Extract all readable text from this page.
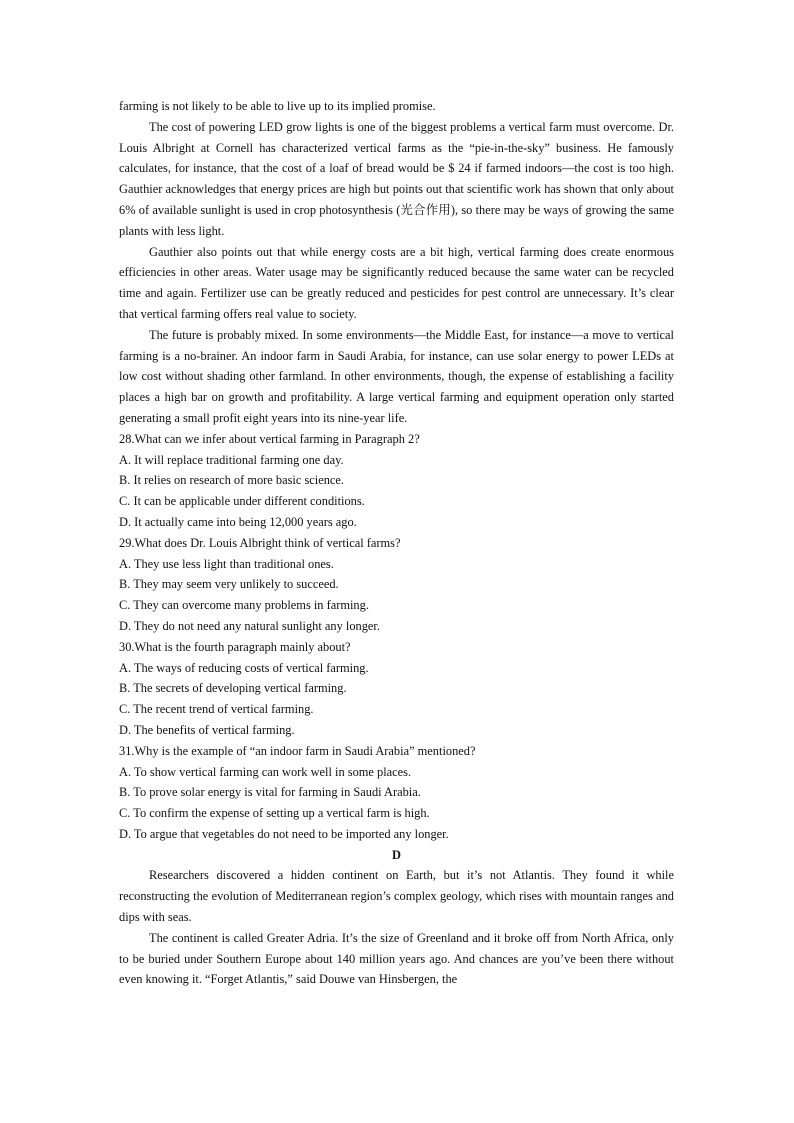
farming is not likely to be able to live up to its implied promise.

The cost of powering LED grow lights is one of the biggest problems a vertical farm must overcome. Dr. Louis Albright at Cornell has characterized vertical farms as the “pie-in-the-sky” business. He famously calculates, for instance, that the cost of a loaf of bread would be $ 24 if farmed indoors—the cost is too high. Gauthier acknowledges that energy prices are high but points out that scientific work has shown that only about 6% of available sunlight is used in crop photosynthesis (光合作用), so there may be ways of growing the same plants with less light.

Gauthier also points out that while energy costs are a bit high, vertical farming does create enormous efficiencies in other areas. Water usage may be significantly reduced because the same water can be recycled time and again. Fertilizer use can be greatly reduced and pesticides for pest control are unnecessary. It’s clear that vertical farming offers real value to society.

The future is probably mixed. In some environments—the Middle East, for instance—a move to vertical farming is a no-brainer. An indoor farm in Saudi Arabia, for instance, can use solar energy to power LEDs at low cost without shading other farmland. In other environments, though, the expense of establishing a facility places a high bar on growth and profitability. A large vertical farming and equipment operation only started generating a small profit eight years into its nine-year life.

28.What can we infer about vertical farming in Paragraph 2?

A. It will replace traditional farming one day.

B. It relies on research of more basic science.

C. It can be applicable under different conditions.

D. It actually came into being 12,000 years ago.

29.What does Dr. Louis Albright think of vertical farms?

A. They use less light than traditional ones.

B. They may seem very unlikely to succeed.

C. They can overcome many problems in farming.

D. They do not need any natural sunlight any longer.

30.What is the fourth paragraph mainly about?

A. The ways of reducing costs of vertical farming.

B. The secrets of developing vertical farming.

C. The recent trend of vertical farming.

D. The benefits of vertical farming.

31.Why is the example of “an indoor farm in Saudi Arabia” mentioned?

A. To show vertical farming can work well in some places.

B. To prove solar energy is vital for farming in Saudi Arabia.

C. To confirm the expense of setting up a vertical farm is high.

D. To argue that vegetables do not need to be imported any longer.

D

Researchers discovered a hidden continent on Earth, but it’s not Atlantis. They found it while reconstructing the evolution of Mediterranean region’s complex geology, which rises with mountain ranges and dips with seas.

The continent is called Greater Adria. It’s the size of Greenland and it broke off from North Africa, only to be buried under Southern Europe about 140 million years ago. And chances are you’ve been there without even knowing it. “Forget Atlantis,” said Douwe van Hinsbergen, the
